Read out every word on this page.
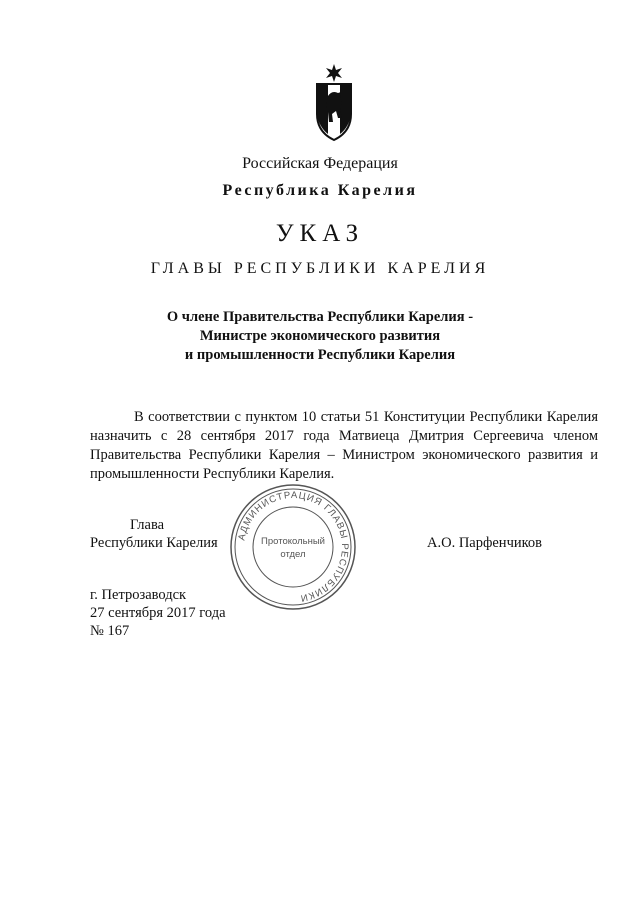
Российская Федерация
Республика Карелия
УКАЗ
ГЛАВЫ РЕСПУБЛИКИ КАРЕЛИЯ
О члене Правительства Республики Карелия -
Министре экономического развития
и промышленности Республики Карелия

В соответствии с пунктом 10 статьи 51 Конституции Республики Карелия назначить с 28 сентября 2017 года Матвиеца Дмитрия Сергеевича членом Правительства Республики Карелия – Министром экономического развития и промышленности Республики Карелия.

АДМИНИСТРАЦИЯ ГЛАВЫ РЕСПУБЛИКИ
Протокольный
отдел
Глава
Республики Карелия	А.О. Парфенчиков
г. Петрозаводск
27 сентября 2017 года
№ 167
